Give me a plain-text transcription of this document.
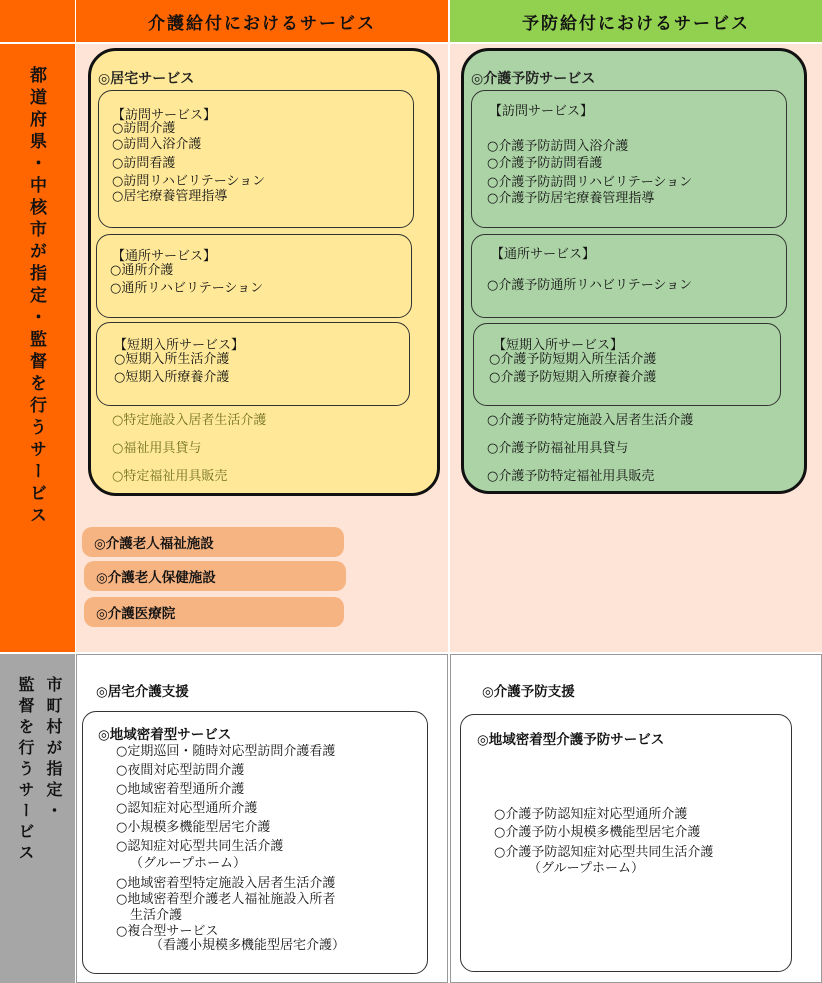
介護給付におけるサービス	予防給付におけるサービス
都道府県・中核市が指定・監督を行うサービス
市町村が指定・
監督を行うサービス
◎居宅サービス
【訪問サービス】
○訪問介護
○訪問入浴介護
○訪問看護
○訪問リハビリテーション
○居宅療養管理指導
【通所サービス】
○通所介護
○通所リハビリテーション
【短期入所サービス】
○短期入所生活介護
○短期入所療養介護
○特定施設入居者生活介護
○福祉用具貸与
○特定福祉用具販売
◎介護老人福祉施設
◎介護老人保健施設
◎介護医療院
◎介護予防サービス
【訪問サービス】
○介護予防訪問入浴介護
○介護予防訪問看護
○介護予防訪問リハビリテーション
○介護予防居宅療養管理指導
【通所サービス】
○介護予防通所リハビリテーション
【短期入所サービス】
○介護予防短期入所生活介護
○介護予防短期入所療養介護
○介護予防特定施設入居者生活介護
○介護予防福祉用具貸与
○介護予防特定福祉用具販売
◎居宅介護支援
◎地域密着型サービス
○定期巡回・随時対応型訪問介護看護
○夜間対応型訪問介護
○地域密着型通所介護
○認知症対応型通所介護
○小規模多機能型居宅介護
○認知症対応型共同生活介護
（グループホーム）
○地域密着型特定施設入居者生活介護
○地域密着型介護老人福祉施設入所者
生活介護
○複合型サービス
（看護小規模多機能型居宅介護）
◎介護予防支援
◎地域密着型介護予防サービス
○介護予防認知症対応型通所介護
○介護予防小規模多機能型居宅介護
○介護予防認知症対応型共同生活介護
（グループホーム）
